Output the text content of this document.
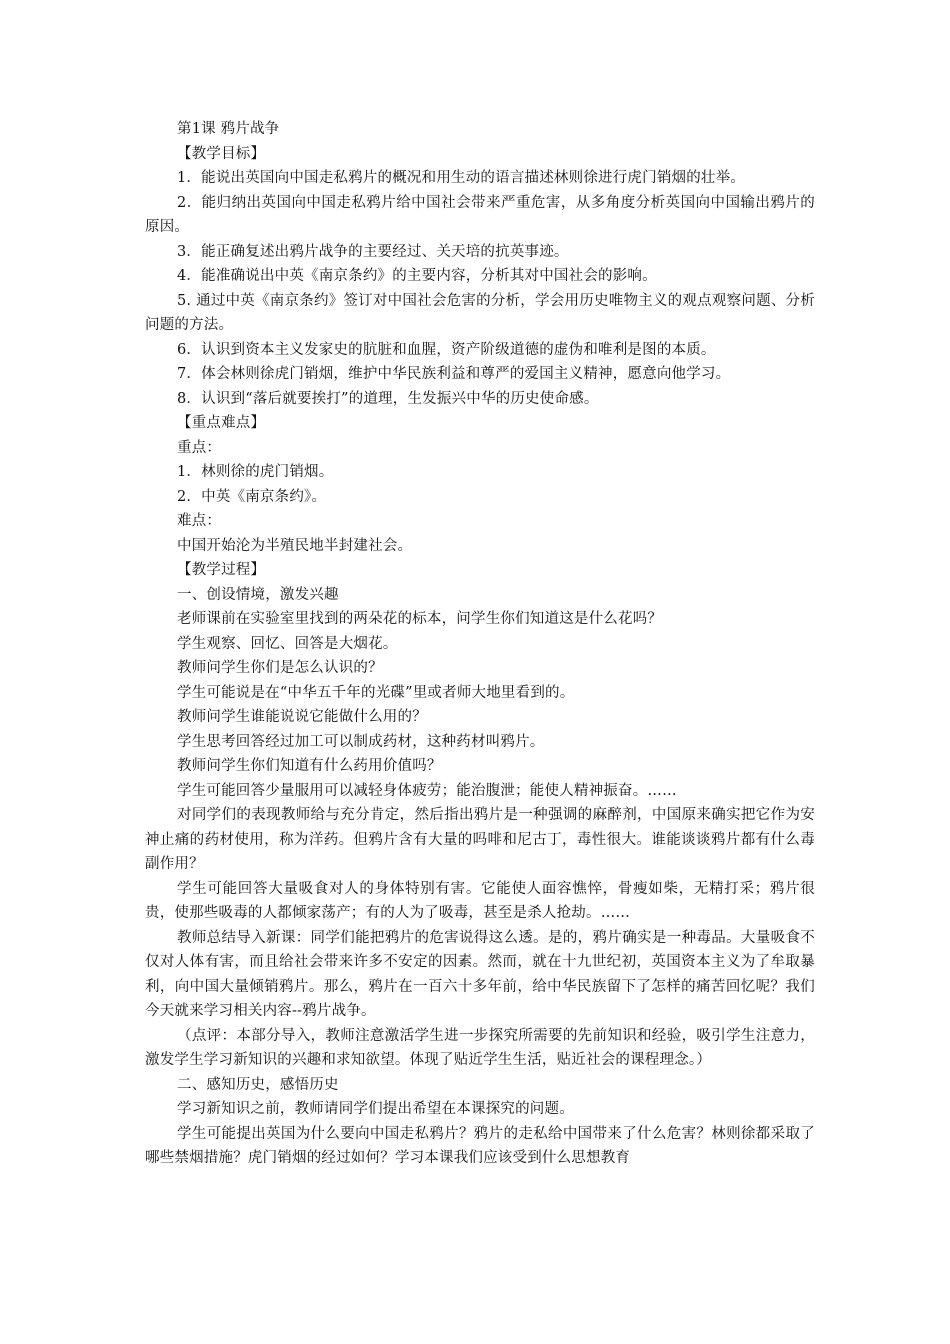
第1课 鸦片战争

【教学目标】

1．能说出英国向中国走私鸦片的概况和用生动的语言描述林则徐进行虎门销烟的壮举。

2．能归纳出英国向中国走私鸦片给中国社会带来严重危害，从多角度分析英国向中国输出鸦片的原因。

3．能正确复述出鸦片战争的主要经过、关天培的抗英事迹。

4．能准确说出中英《南京条约》的主要内容，分析其对中国社会的影响。

5. 通过中英《南京条约》签订对中国社会危害的分析，学会用历史唯物主义的观点观察问题、分析问题的方法。

6．认识到资本主义发家史的肮脏和血腥，资产阶级道德的虚伪和唯利是图的本质。

7．体会林则徐虎门销烟，维护中华民族利益和尊严的爱国主义精神，愿意向他学习。

8．认识到“落后就要挨打”的道理，生发振兴中华的历史使命感。

【重点难点】

重点：

1．林则徐的虎门销烟。

2．中英《南京条约》。

难点：

中国开始沦为半殖民地半封建社会。

【教学过程】

一、创设情境，激发兴趣

老师课前在实验室里找到的两朵花的标本，问学生你们知道这是什么花吗？

学生观察、回忆、回答是大烟花。

教师问学生你们是怎么认识的？

学生可能说是在“中华五千年的光碟”里或者师大地里看到的。

教师问学生谁能说说它能做什么用的？

学生思考回答经过加工可以制成药材，这种药材叫鸦片。

教师问学生你们知道有什么药用价值吗？

学生可能回答少量服用可以减轻身体疲劳；能治腹泄；能使人精神振奋。……

对同学们的表现教师给与充分肯定，然后指出鸦片是一种强调的麻醉剂，中国原来确实把它作为安神止痛的药材使用，称为洋药。但鸦片含有大量的吗啡和尼古丁，毒性很大。谁能谈谈鸦片都有什么毒副作用？

学生可能回答大量吸食对人的身体特别有害。它能使人面容憔悴，骨瘦如柴，无精打采；鸦片很贵，使那些吸毒的人都倾家荡产；有的人为了吸毒，甚至是杀人抢劫。……

教师总结导入新课：同学们能把鸦片的危害说得这么透。是的，鸦片确实是一种毒品。大量吸食不仅对人体有害，而且给社会带来许多不安定的因素。然而，就在十九世纪初，英国资本主义为了牟取暴利，向中国大量倾销鸦片。那么，鸦片在一百六十多年前，给中华民族留下了怎样的痛苦回忆呢？我们今天就来学习相关内容--鸦片战争。

（点评：本部分导入，教师注意激活学生进一步探究所需要的先前知识和经验，吸引学生注意力，激发学生学习新知识的兴趣和求知欲望。体现了贴近学生生活，贴近社会的课程理念。）

二、感知历史，感悟历史

学习新知识之前，教师请同学们提出希望在本课探究的问题。

学生可能提出英国为什么要向中国走私鸦片？鸦片的走私给中国带来了什么危害？林则徐都采取了哪些禁烟措施？虎门销烟的经过如何？学习本课我们应该受到什么思想教育
